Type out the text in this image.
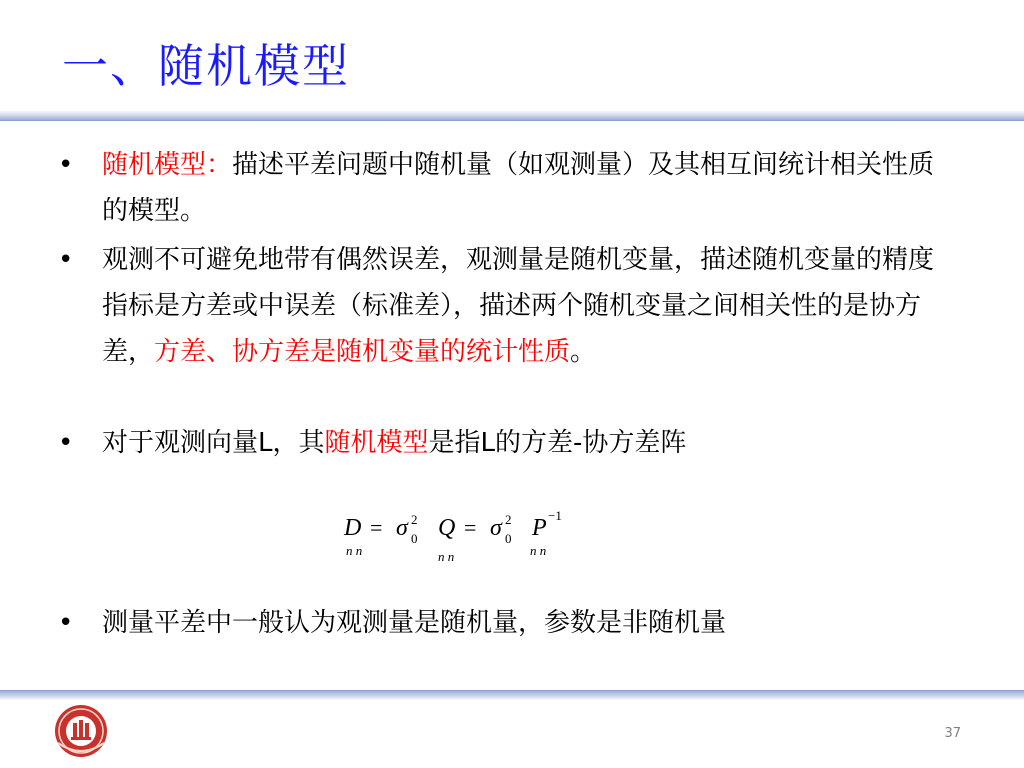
一、随机模型
•	随机模型：描述平差问题中随机量（如观测量）及其相互间统计相关性质的模型。
•	观测不可避免地带有偶然误差，观测量是随机变量，描述随机变量的精度指标是方差或中误差（标准差），描述两个随机变量之间相关性的是协方差，方差、协方差是随机变量的统计性质。
•	对于观测向量L，其随机模型是指L的方差-协方差阵
D
n n
= σ 2
0 Q
n n
= σ 2
0 P −1
n n
•	测量平差中一般认为观测量是随机量，参数是非随机量
37
